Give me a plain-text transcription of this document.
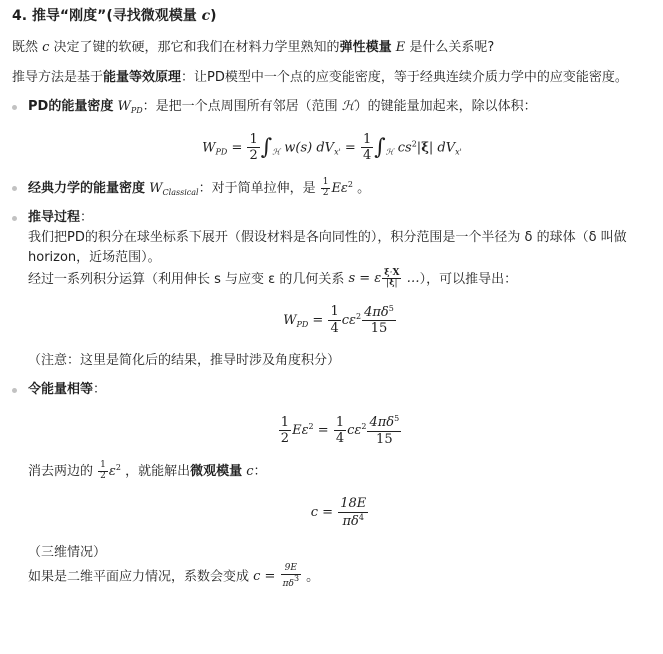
4. 推导“刚度”(寻找微观模量 c)

既然 c 决定了键的软硬，那它和我们在材料力学里熟知的弹性模量 E 是什么关系呢?

推导方法是基于能量等效原理：让PD模型中一个点的应变能密度，等于经典连续介质力学中的应变能密度。

PD的能量密度 $W_{PD}$：是把一个点周围所有邻居（范围 ℋ）的键能量加起来，除以体积：
$W_{PD} = \frac{1}{2} \int_ℋ$ w(s) $dV_{x'} = \frac{1}{4} \int_ℋ$ $cs^2|\xi|$ $dV_{x'}$
经典力学的能量密度 $W_{Classical}$：对于简单拉伸，是 $\frac{1}{2} E\varepsilon^2$ 。
推导过程：

我们把PD的积分在球坐标系下展开（假设材料是各向同性的），积分范围是一个半径为 δ 的球体（δ 叫做 horizon，近场范围）。

经过一系列积分运算（利用伸长 s 与应变 ε 的几何关系 s = ε $\frac{\xi\cdot X}{|\xi|}$ …），可以推导出：

$W_{PD} = \frac{1}{4} c\varepsilon^2 \frac{4\pi\delta^5}{15}$

（注意：这里是简化后的结果，推导时涉及角度积分）

令能量相等：
$\frac{1}{2} E\varepsilon^2 = \frac{1}{4} c\varepsilon^2 \frac{4\pi\delta^5}{15}$

消去两边的 $\frac{1}{2} \varepsilon^2$ ，就能解出微观模量 c：

$c = \frac{18E}{\pi\delta^4}$

（三维情况）

如果是二维平面应力情况，系数会变成 $c = \frac{9E}{\pi\delta 3}$ 。
